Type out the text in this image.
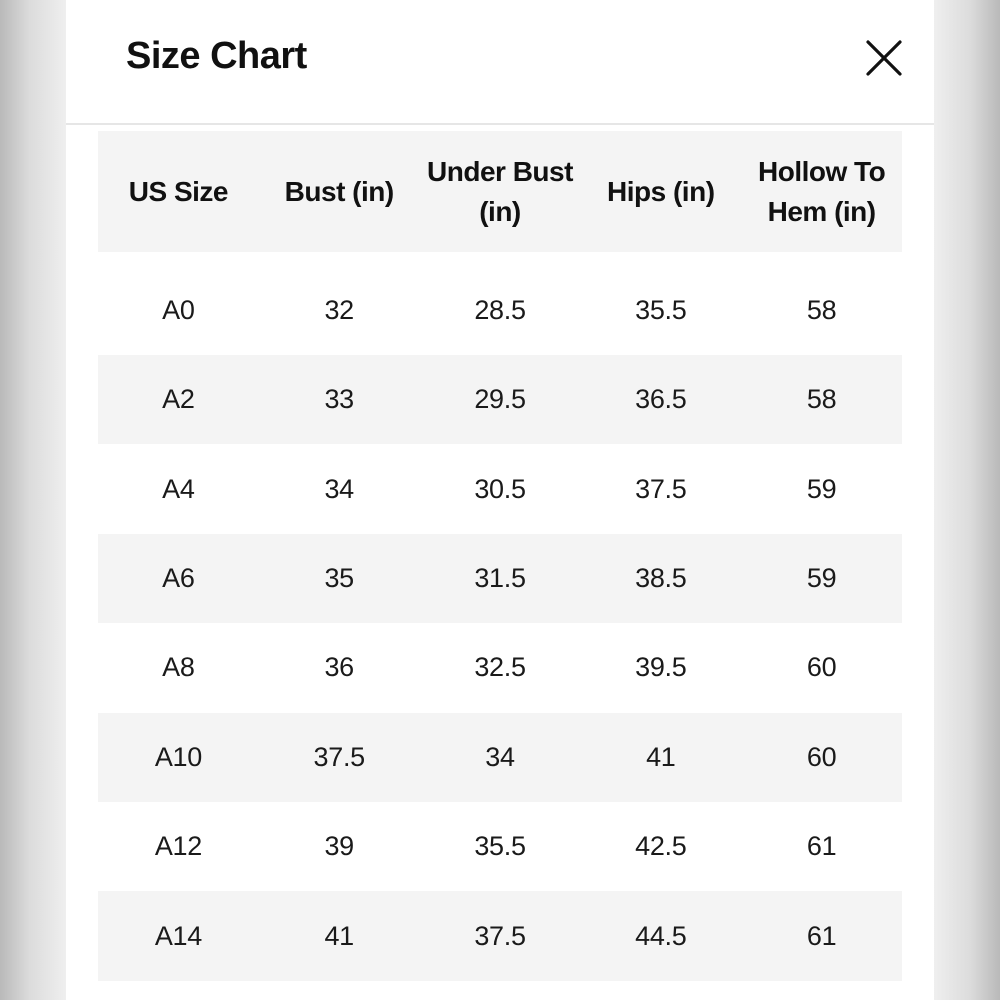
Size Chart
US Size	Bust (in)	Under Bust (in)	Hips (in)	Hollow To Hem (in)
A0	32	28.5	35.5	58
A2	33	29.5	36.5	58
A4	34	30.5	37.5	59
A6	35	31.5	38.5	59
A8	36	32.5	39.5	60
A10	37.5	34	41	60
A12	39	35.5	42.5	61
A14	41	37.5	44.5	61
